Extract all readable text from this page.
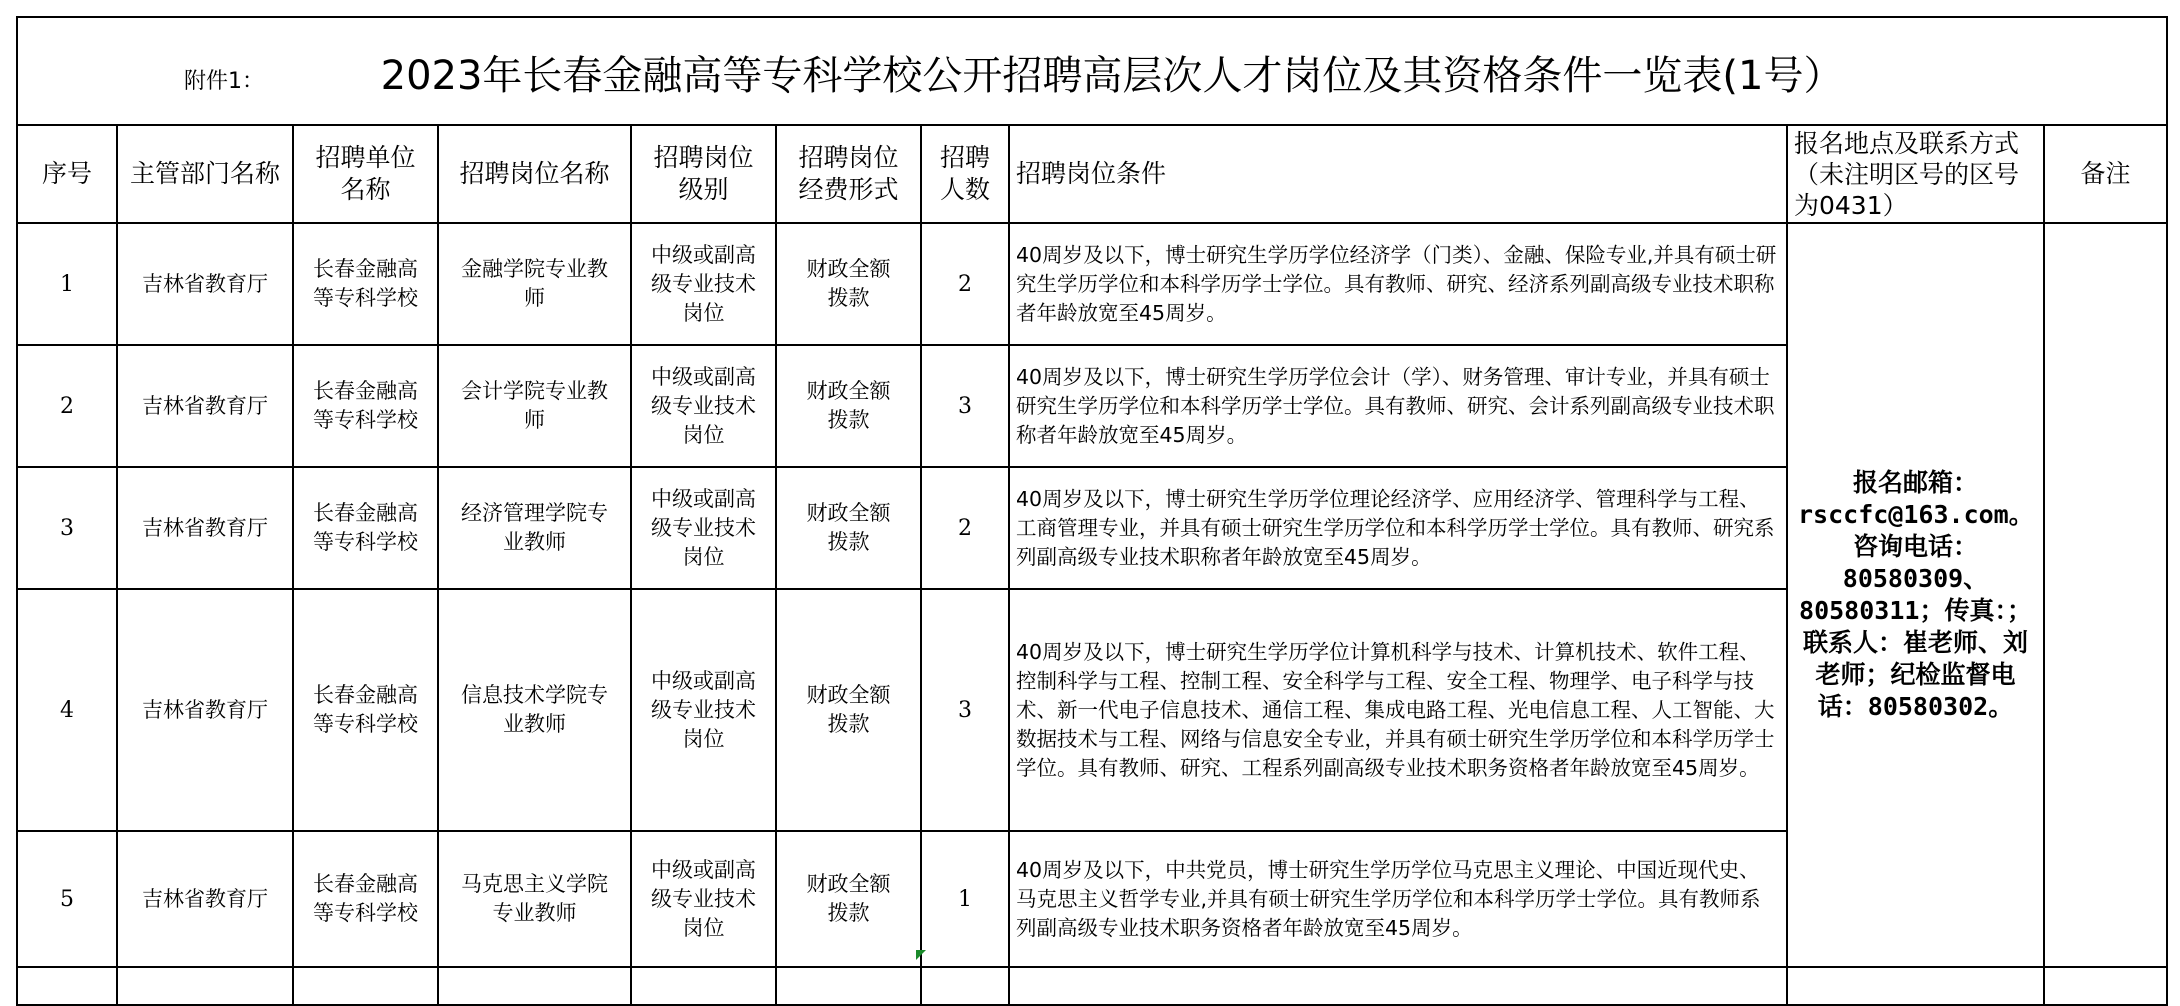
附件1： 2023年长春金融高等专科学校公开招聘高层次人才岗位及其资格条件一览表(1号）									

序号	主管部门名称	招聘单位名称	招聘岗位名称	招聘岗位级别	招聘岗位经费形式	招聘人数	招聘岗位条件	报名地点及联系方式（未注明区号的区号为0431）	备注
1	吉林省教育厅	长春金融高等专科学校	金融学院专业教师	中级或副高级专业技术岗位	财政全额拨款	2	40周岁及以下，博士研究生学历学位经济学（门类）、金融、保险专业,并具有硕士研究生学历学位和本科学历学士学位。具有教师、研究、经济系列副高级专业技术职称者年龄放宽至45周岁。	报名邮箱：rsccfc@163.com。咨询电话：80580309、80580311；传真：；联系人：崔老师、刘老师；纪检监督电话：80580302。	

2	吉林省教育厅	长春金融高等专科学校	会计学院专业教师	中级或副高级专业技术岗位	财政全额拨款	3	40周岁及以下，博士研究生学历学位会计（学）、财务管理、审计专业，并具有硕士研究生学历学位和本科学历学士学位。具有教师、研究、会计系列副高级专业技术职称者年龄放宽至45周岁。		
3	吉林省教育厅	长春金融高等专科学校	经济管理学院专业教师	中级或副高级专业技术岗位	财政全额拨款	2	40周岁及以下，博士研究生学历学位理论经济学、应用经济学、管理科学与工程、工商管理专业，并具有硕士研究生学历学位和本科学历学士学位。具有教师、研究系列副高级专业技术职称者年龄放宽至45周岁。		
4	吉林省教育厅	长春金融高等专科学校	信息技术学院专业教师	中级或副高级专业技术岗位	财政全额拨款	3	40周岁及以下，博士研究生学历学位计算机科学与技术、计算机技术、软件工程、控制科学与工程、控制工程、安全科学与工程、安全工程、物理学、电子科学与技术、新一代电子信息技术、通信工程、集成电路工程、光电信息工程、人工智能、大数据技术与工程、网络与信息安全专业，并具有硕士研究生学历学位和本科学历学士学位。具有教师、研究、工程系列副高级专业技术职务资格者年龄放宽至45周岁。		
5	吉林省教育厅	长春金融高等专科学校	马克思主义学院专业教师	中级或副高级专业技术岗位	财政全额拨款	1	40周岁及以下，中共党员，博士研究生学历学位马克思主义理论、中国近现代史、马克思主义哲学专业,并具有硕士研究生学历学位和本科学历学士学位。具有教师系列副高级专业技术职务资格者年龄放宽至45周岁。		
